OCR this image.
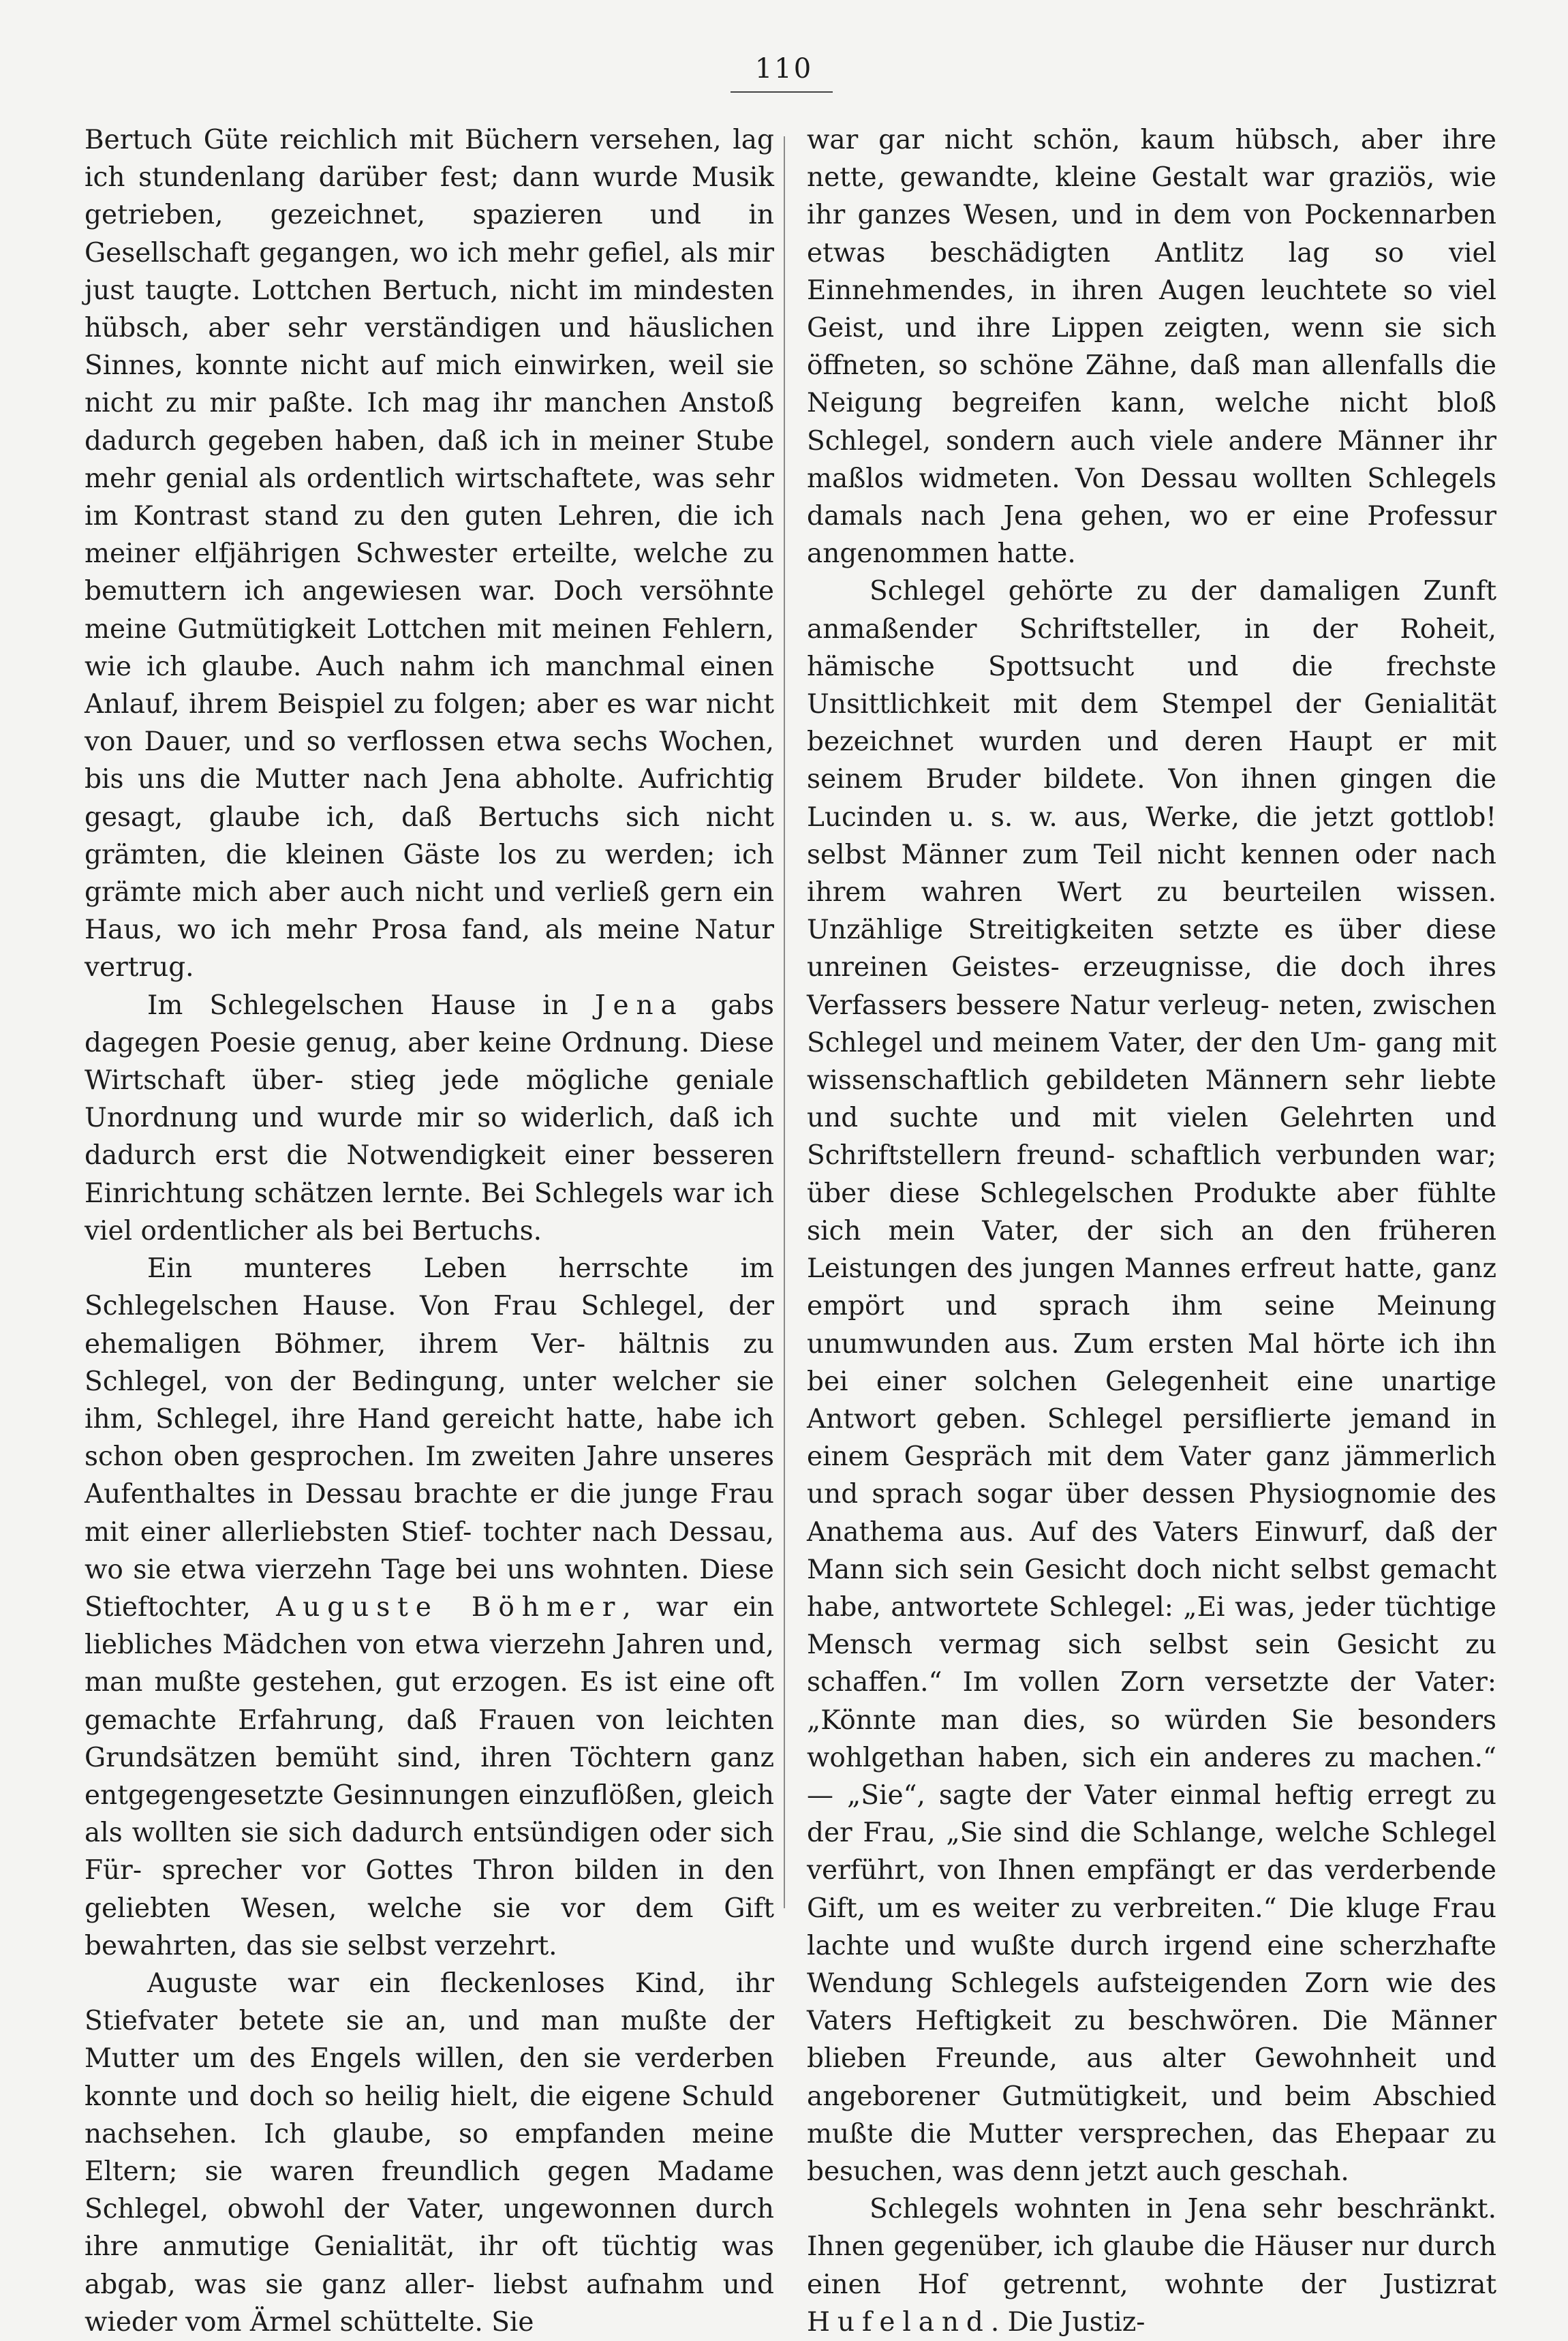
110

Bertuch Güte reichlich mit Büchern versehen, lag ich stundenlang darüber fest; dann wurde Musik getrieben, gezeichnet, spazieren und in Gesellschaft gegangen, wo ich mehr gefiel, als mir just taugte. Lottchen Bertuch, nicht im mindesten hübsch, aber sehr verständigen und häuslichen Sinnes, konnte nicht auf mich einwirken, weil sie nicht zu mir paßte. Ich mag ihr manchen Anstoß dadurch gegeben haben, daß ich in meiner Stube mehr genial als ordentlich wirtschaftete, was sehr im Kontrast stand zu den guten Lehren, die ich meiner elfjährigen Schwester erteilte, welche zu bemuttern ich angewiesen war. Doch versöhnte meine Gutmütigkeit Lottchen mit meinen Fehlern, wie ich glaube. Auch nahm ich manchmal einen Anlauf, ihrem Beispiel zu folgen; aber es war nicht von Dauer, und so verflossen etwa sechs Wochen, bis uns die Mutter nach Jena abholte. Aufrichtig gesagt, glaube ich, daß Bertuchs sich nicht grämten, die kleinen Gäste los zu werden; ich grämte mich aber auch nicht und verließ gern ein Haus, wo ich mehr Prosa fand, als meine Natur vertrug.

Im Schlegelschen Hause in Jena gabs dagegen Poesie genug, aber keine Ordnung. Diese Wirtschaft über- stieg jede mögliche geniale Unordnung und wurde mir so widerlich, daß ich dadurch erst die Notwendigkeit einer besseren Einrichtung schätzen lernte. Bei Schlegels war ich viel ordentlicher als bei Bertuchs.

Ein munteres Leben herrschte im Schlegelschen Hause. Von Frau Schlegel, der ehemaligen Böhmer, ihrem Ver- hältnis zu Schlegel, von der Bedingung, unter welcher sie ihm, Schlegel, ihre Hand gereicht hatte, habe ich schon oben gesprochen. Im zweiten Jahre unseres Aufenthaltes in Dessau brachte er die junge Frau mit einer allerliebsten Stief- tochter nach Dessau, wo sie etwa vierzehn Tage bei uns wohnten. Diese Stieftochter, Auguste Böhmer, war ein liebliches Mädchen von etwa vierzehn Jahren und, man mußte gestehen, gut erzogen. Es ist eine oft gemachte Erfahrung, daß Frauen von leichten Grundsätzen bemüht sind, ihren Töchtern ganz entgegengesetzte Gesinnungen einzuflößen, gleich als wollten sie sich dadurch entsündigen oder sich Für- sprecher vor Gottes Thron bilden in den geliebten Wesen, welche sie vor dem Gift bewahrten, das sie selbst verzehrt.

Auguste war ein fleckenloses Kind, ihr Stiefvater betete sie an, und man mußte der Mutter um des Engels willen, den sie verderben konnte und doch so heilig hielt, die eigene Schuld nachsehen. Ich glaube, so empfanden meine Eltern; sie waren freundlich gegen Madame Schlegel, obwohl der Vater, ungewonnen durch ihre anmutige Genialität, ihr oft tüchtig was abgab, was sie ganz aller- liebst aufnahm und wieder vom Ärmel schüttelte. Sie

war gar nicht schön, kaum hübsch, aber ihre nette, gewandte, kleine Gestalt war graziös, wie ihr ganzes Wesen, und in dem von Pockennarben etwas beschädigten Antlitz lag so viel Einnehmendes, in ihren Augen leuchtete so viel Geist, und ihre Lippen zeigten, wenn sie sich öffneten, so schöne Zähne, daß man allenfalls die Neigung begreifen kann, welche nicht bloß Schlegel, sondern auch viele andere Männer ihr maßlos widmeten. Von Dessau wollten Schlegels damals nach Jena gehen, wo er eine Professur angenommen hatte.

Schlegel gehörte zu der damaligen Zunft anmaßender Schriftsteller, in der Roheit, hämische Spottsucht und die frechste Unsittlichkeit mit dem Stempel der Genialität bezeichnet wurden und deren Haupt er mit seinem Bruder bildete. Von ihnen gingen die Lucinden u. s. w. aus, Werke, die jetzt gottlob! selbst Männer zum Teil nicht kennen oder nach ihrem wahren Wert zu beurteilen wissen. Unzählige Streitigkeiten setzte es über diese unreinen Geistes- erzeugnisse, die doch ihres Verfassers bessere Natur verleug- neten, zwischen Schlegel und meinem Vater, der den Um- gang mit wissenschaftlich gebildeten Männern sehr liebte und suchte und mit vielen Gelehrten und Schriftstellern freund- schaftlich verbunden war; über diese Schlegelschen Produkte aber fühlte sich mein Vater, der sich an den früheren Leistungen des jungen Mannes erfreut hatte, ganz empört und sprach ihm seine Meinung unumwunden aus. Zum ersten Mal hörte ich ihn bei einer solchen Gelegenheit eine unartige Antwort geben. Schlegel persiflierte jemand in einem Gespräch mit dem Vater ganz jämmerlich und sprach sogar über dessen Physiognomie des Anathema aus. Auf des Vaters Einwurf, daß der Mann sich sein Gesicht doch nicht selbst gemacht habe, antwortete Schlegel: „Ei was, jeder tüchtige Mensch vermag sich selbst sein Gesicht zu schaffen.“ Im vollen Zorn versetzte der Vater: „Könnte man dies, so würden Sie besonders wohlgethan haben, sich ein anderes zu machen.“ — „Sie“, sagte der Vater einmal heftig erregt zu der Frau, „Sie sind die Schlange, welche Schlegel verführt, von Ihnen empfängt er das verderbende Gift, um es weiter zu verbreiten.“ Die kluge Frau lachte und wußte durch irgend eine scherzhafte Wendung Schlegels aufsteigenden Zorn wie des Vaters Heftigkeit zu beschwören. Die Männer blieben Freunde, aus alter Gewohnheit und angeborener Gutmütigkeit, und beim Abschied mußte die Mutter versprechen, das Ehepaar zu besuchen, was denn jetzt auch geschah.

Schlegels wohnten in Jena sehr beschränkt. Ihnen gegenüber, ich glaube die Häuser nur durch einen Hof getrennt, wohnte der Justizrat Hufeland. Die Justiz-
